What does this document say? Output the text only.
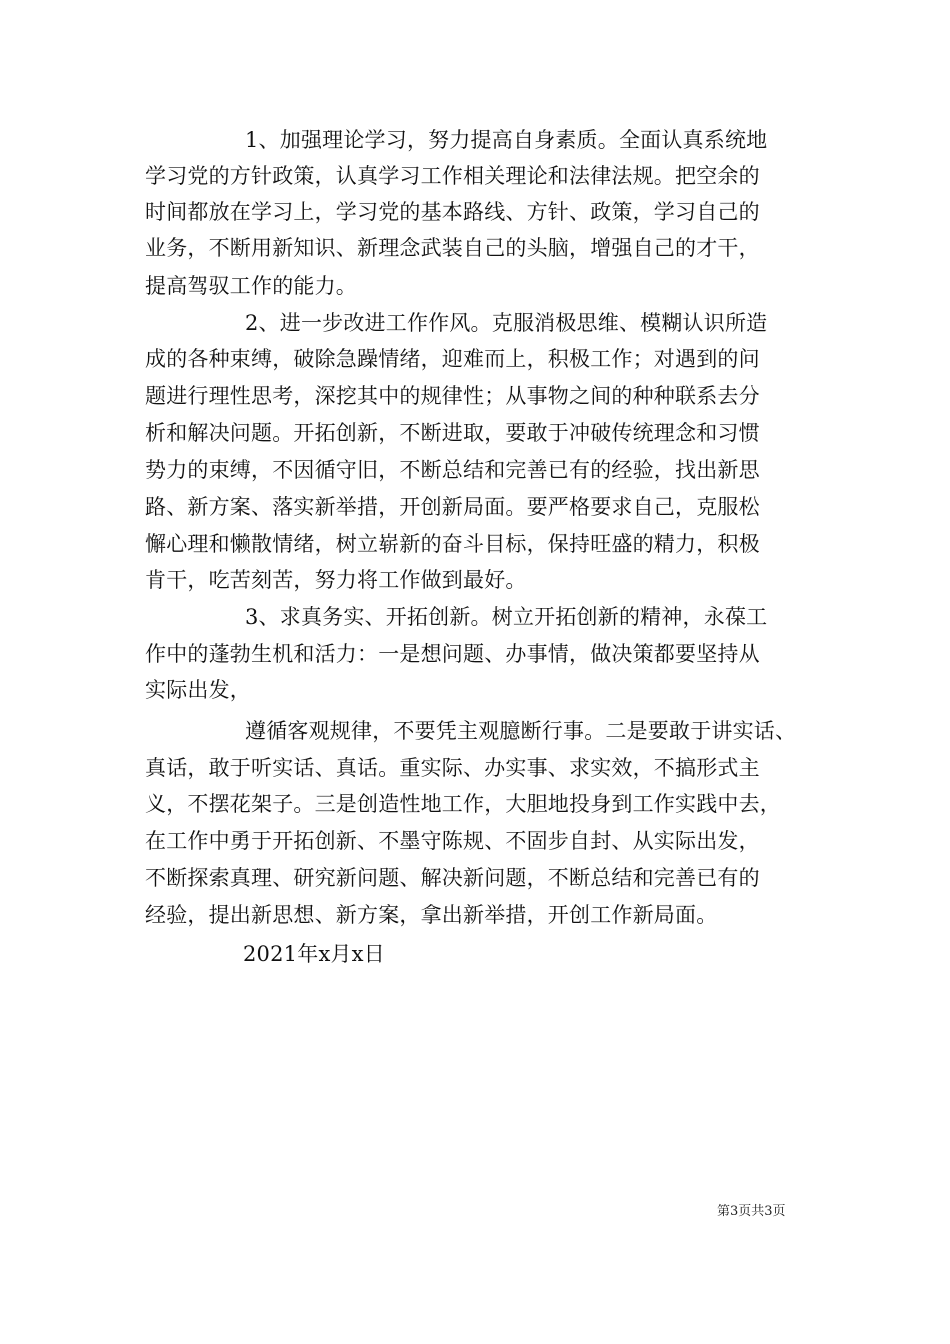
1、加强理论学习，努力提高自身素质。全面认真系统地
学习党的方针政策，认真学习工作相关理论和法律法规。把空余的
时间都放在学习上，学习党的基本路线、方针、政策，学习自己的
业务，不断用新知识、新理念武装自己的头脑，增强自己的才干，
提高驾驭工作的能力。
2、进一步改进工作作风。克服消极思维、模糊认识所造
成的各种束缚，破除急躁情绪，迎难而上，积极工作；对遇到的问
题进行理性思考，深挖其中的规律性；从事物之间的种种联系去分
析和解决问题。开拓创新，不断进取，要敢于冲破传统理念和习惯
势力的束缚，不因循守旧，不断总结和完善已有的经验，找出新思
路、新方案、落实新举措，开创新局面。要严格要求自己，克服松
懈心理和懒散情绪，树立崭新的奋斗目标，保持旺盛的精力，积极
肯干，吃苦刻苦，努力将工作做到最好。
3、求真务实、开拓创新。树立开拓创新的精神，永葆工
作中的蓬勃生机和活力：一是想问题、办事情，做决策都要坚持从
实际出发，
遵循客观规律，不要凭主观臆断行事。二是要敢于讲实话、
真话，敢于听实话、真话。重实际、办实事、求实效，不搞形式主
义，不摆花架子。三是创造性地工作，大胆地投身到工作实践中去，
在工作中勇于开拓创新、不墨守陈规、不固步自封、从实际出发，
不断探索真理、研究新问题、解决新问题，不断总结和完善已有的
经验，提出新思想、新方案，拿出新举措，开创工作新局面。
2021年x月x日
第3页共3页
